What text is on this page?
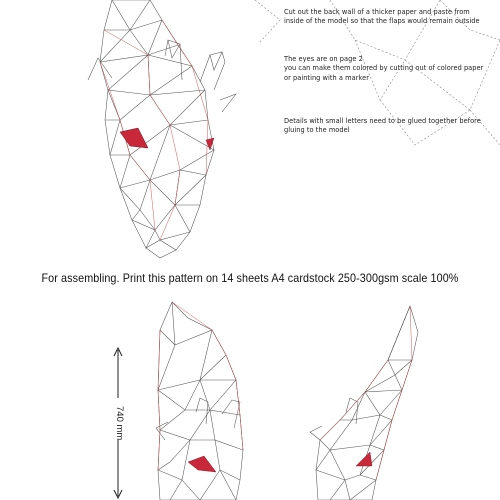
Cut out the back wall of a thicker paper and paste from inside of the model so that the flaps would remain outside

The eyes are on page 2

you can make them colored by cutting out of colored paper or painting with a marker

Details with small letters need to be glued together before gluing to the model

For assembling. Print this pattern on 14 sheets A4 cardstock 250-300gsm scale 100%
740 mm
